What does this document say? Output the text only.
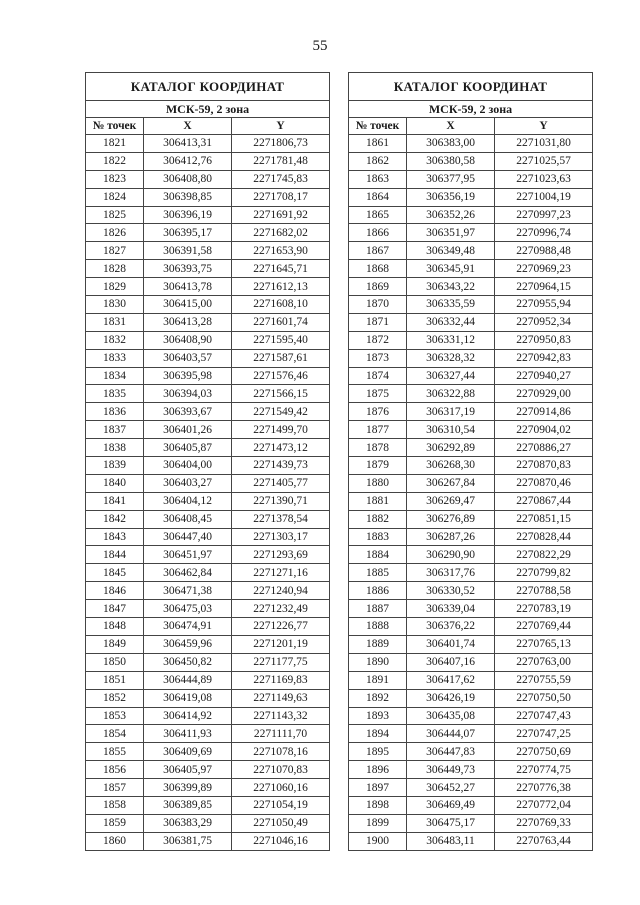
55
КАТАЛОГ КООРДИНАТ		
МСК-59, 2 зона		
№ точек	X	Y
1821	306413,31	2271806,73
1822	306412,76	2271781,48
1823	306408,80	2271745,83
1824	306398,85	2271708,17
1825	306396,19	2271691,92
1826	306395,17	2271682,02
1827	306391,58	2271653,90
1828	306393,75	2271645,71
1829	306413,78	2271612,13
1830	306415,00	2271608,10
1831	306413,28	2271601,74
1832	306408,90	2271595,40
1833	306403,57	2271587,61
1834	306395,98	2271576,46
1835	306394,03	2271566,15
1836	306393,67	2271549,42
1837	306401,26	2271499,70
1838	306405,87	2271473,12
1839	306404,00	2271439,73
1840	306403,27	2271405,77
1841	306404,12	2271390,71
1842	306408,45	2271378,54
1843	306447,40	2271303,17
1844	306451,97	2271293,69
1845	306462,84	2271271,16
1846	306471,38	2271240,94
1847	306475,03	2271232,49
1848	306474,91	2271226,77
1849	306459,96	2271201,19
1850	306450,82	2271177,75
1851	306444,89	2271169,83
1852	306419,08	2271149,63
1853	306414,92	2271143,32
1854	306411,93	2271111,70
1855	306409,69	2271078,16
1856	306405,97	2271070,83
1857	306399,89	2271060,16
1858	306389,85	2271054,19
1859	306383,29	2271050,49
1860	306381,75	2271046,16
КАТАЛОГ КООРДИНАТ		
МСК-59, 2 зона		
№ точек	X	Y
1861	306383,00	2271031,80
1862	306380,58	2271025,57
1863	306377,95	2271023,63
1864	306356,19	2271004,19
1865	306352,26	2270997,23
1866	306351,97	2270996,74
1867	306349,48	2270988,48
1868	306345,91	2270969,23
1869	306343,22	2270964,15
1870	306335,59	2270955,94
1871	306332,44	2270952,34
1872	306331,12	2270950,83
1873	306328,32	2270942,83
1874	306327,44	2270940,27
1875	306322,88	2270929,00
1876	306317,19	2270914,86
1877	306310,54	2270904,02
1878	306292,89	2270886,27
1879	306268,30	2270870,83
1880	306267,84	2270870,46
1881	306269,47	2270867,44
1882	306276,89	2270851,15
1883	306287,26	2270828,44
1884	306290,90	2270822,29
1885	306317,76	2270799,82
1886	306330,52	2270788,58
1887	306339,04	2270783,19
1888	306376,22	2270769,44
1889	306401,74	2270765,13
1890	306407,16	2270763,00
1891	306417,62	2270755,59
1892	306426,19	2270750,50
1893	306435,08	2270747,43
1894	306444,07	2270747,25
1895	306447,83	2270750,69
1896	306449,73	2270774,75
1897	306452,27	2270776,38
1898	306469,49	2270772,04
1899	306475,17	2270769,33
1900	306483,11	2270763,44
